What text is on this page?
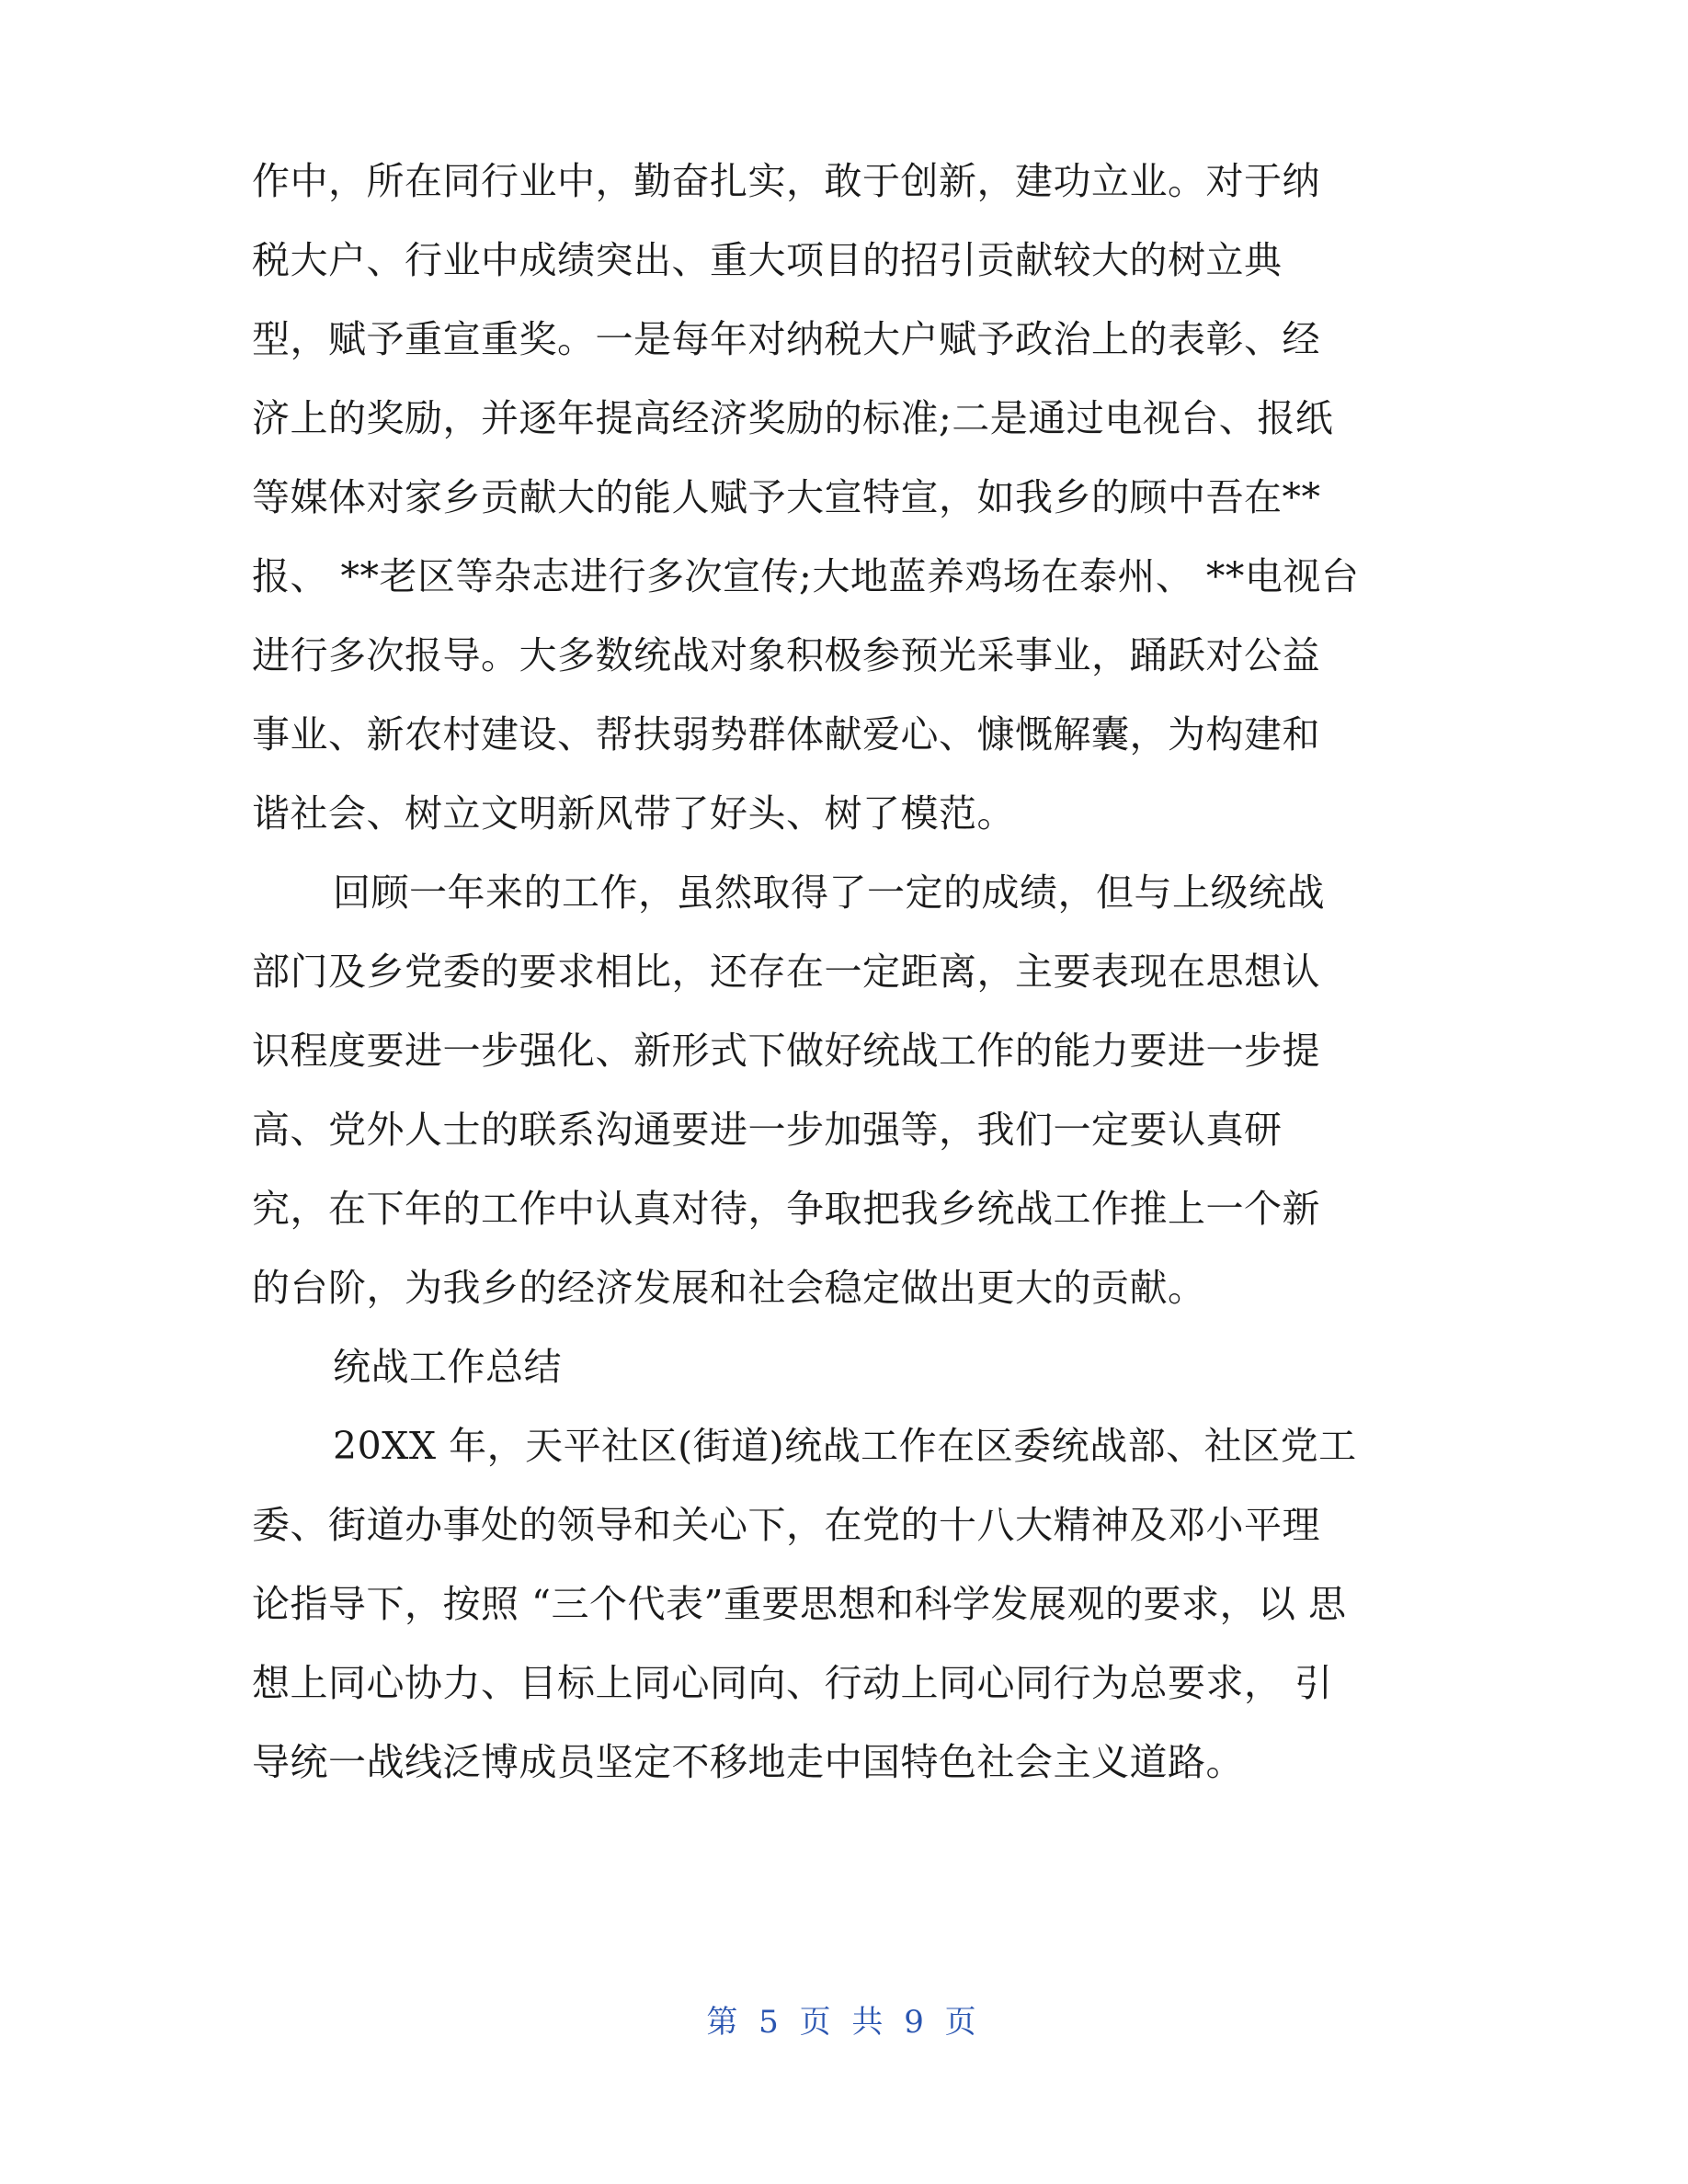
作中，所在同行业中，勤奋扎实，敢于创新，建功立业。对于纳
税大户、行业中成绩突出、重大项目的招引贡献较大的树立典
型，赋予重宣重奖。一是每年对纳税大户赋予政治上的表彰、经
济上的奖励，并逐年提高经济奖励的标准;二是通过电视台、报纸
等媒体对家乡贡献大的能人赋予大宣特宣，如我乡的顾中吾在**
报、 **老区等杂志进行多次宣传;大地蓝养鸡场在泰州、 **电视台
进行多次报导。大多数统战对象积极参预光采事业，踊跃对公益
事业、新农村建设、帮扶弱势群体献爱心、慷慨解囊，为构建和
谐社会、树立文明新风带了好头、树了模范。
回顾一年来的工作，虽然取得了一定的成绩，但与上级统战
部门及乡党委的要求相比，还存在一定距离，主要表现在思想认
识程度要进一步强化、新形式下做好统战工作的能力要进一步提
高、党外人士的联系沟通要进一步加强等，我们一定要认真研
究，在下年的工作中认真对待，争取把我乡统战工作推上一个新
的台阶，为我乡的经济发展和社会稳定做出更大的贡献。
统战工作总结
20XX 年，天平社区(街道)统战工作在区委统战部、社区党工
委、街道办事处的领导和关心下，在党的十八大精神及邓小平理
论指导下，按照 “三个代表”重要思想和科学发展观的要求，以 思
想上同心协力、目标上同心同向、行动上同心同行为总要求， 引
导统一战线泛博成员坚定不移地走中国特色社会主义道路。
第 5 页 共 9 页
